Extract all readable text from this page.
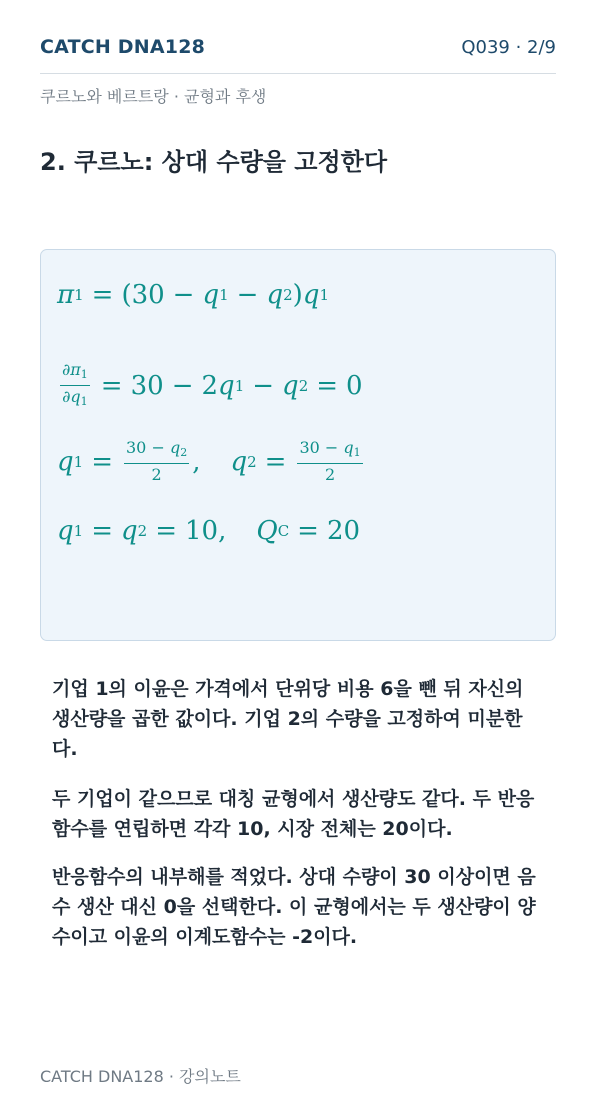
CATCH DNA128	Q039 · 2/9
쿠르노와 베르트랑 · 균형과 후생
2. 쿠르노: 상대 수량을 고정한다
π 1 = (30 − q 1 − q 2 ) q 1
$\frac{\partial\pi_1}{\partial q_1} = 30 - 2$ q 1 − q 2 = 0
q $1 = \frac{30 - q_2}{2}$ , q $2 = \frac{30 - q_1}{2}$
q 1 = q 2 = 10, Q C = 20
기업 1의 이윤은 가격에서 단위당 비용 6을 뺀 뒤 자신의 생산량을 곱한 값이다. 기업 2의 수량을 고정하여 미분한다.
두 기업이 같으므로 대칭 균형에서 생산량도 같다. 두 반응함수를 연립하면 각각 10, 시장 전체는 20이다.
반응함수의 내부해를 적었다. 상대 수량이 30 이상이면 음수 생산 대신 0을 선택한다. 이 균형에서는 두 생산량이 양수이고 이윤의 이계도함수는 -2이다.
CATCH DNA128 · 강의노트
